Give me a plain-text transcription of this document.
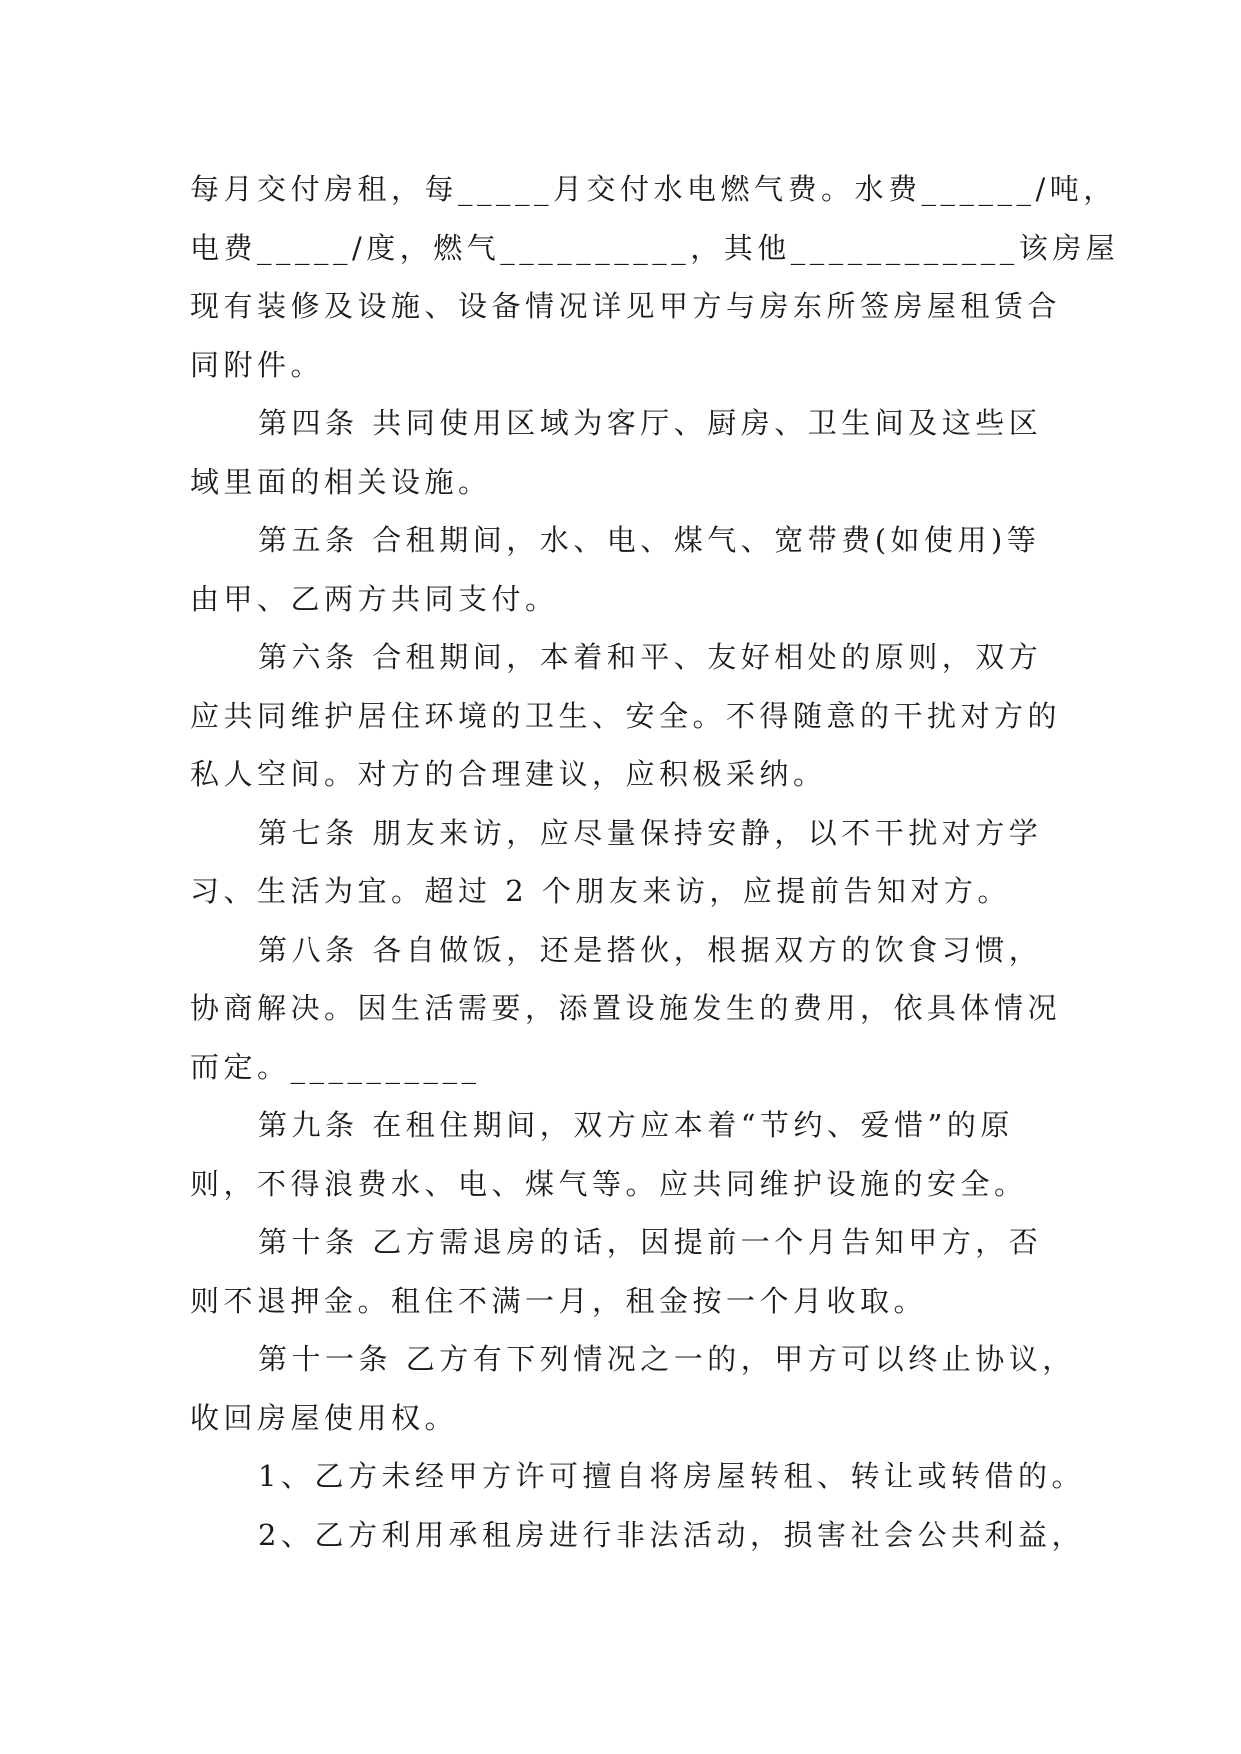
每月交付房租，每_____月交付水电燃气费。水费______/吨，
电费_____/度，燃气__________，其他____________该房屋
现有装修及设施、设备情况详见甲方与房东所签房屋租赁合
同附件。
第四条 共同使用区域为客厅、厨房、卫生间及这些区
域里面的相关设施。
第五条 合租期间，水、电、煤气、宽带费(如使用)等
由甲、乙两方共同支付。
第六条 合租期间，本着和平、友好相处的原则，双方
应共同维护居住环境的卫生、安全。不得随意的干扰对方的
私人空间。对方的合理建议，应积极采纳。
第七条 朋友来访，应尽量保持安静，以不干扰对方学
习、生活为宜。超过 2 个朋友来访，应提前告知对方。
第八条 各自做饭，还是搭伙，根据双方的饮食习惯，
协商解决。因生活需要，添置设施发生的费用，依具体情况
而定。__________
第九条 在租住期间，双方应本着“节约、爱惜”的原
则，不得浪费水、电、煤气等。应共同维护设施的安全。
第十条 乙方需退房的话，因提前一个月告知甲方，否
则不退押金。租住不满一月，租金按一个月收取。
第十一条 乙方有下列情况之一的，甲方可以终止协议，
收回房屋使用权。
1、乙方未经甲方许可擅自将房屋转租、转让或转借的。
2、乙方利用承租房进行非法活动，损害社会公共利益，
